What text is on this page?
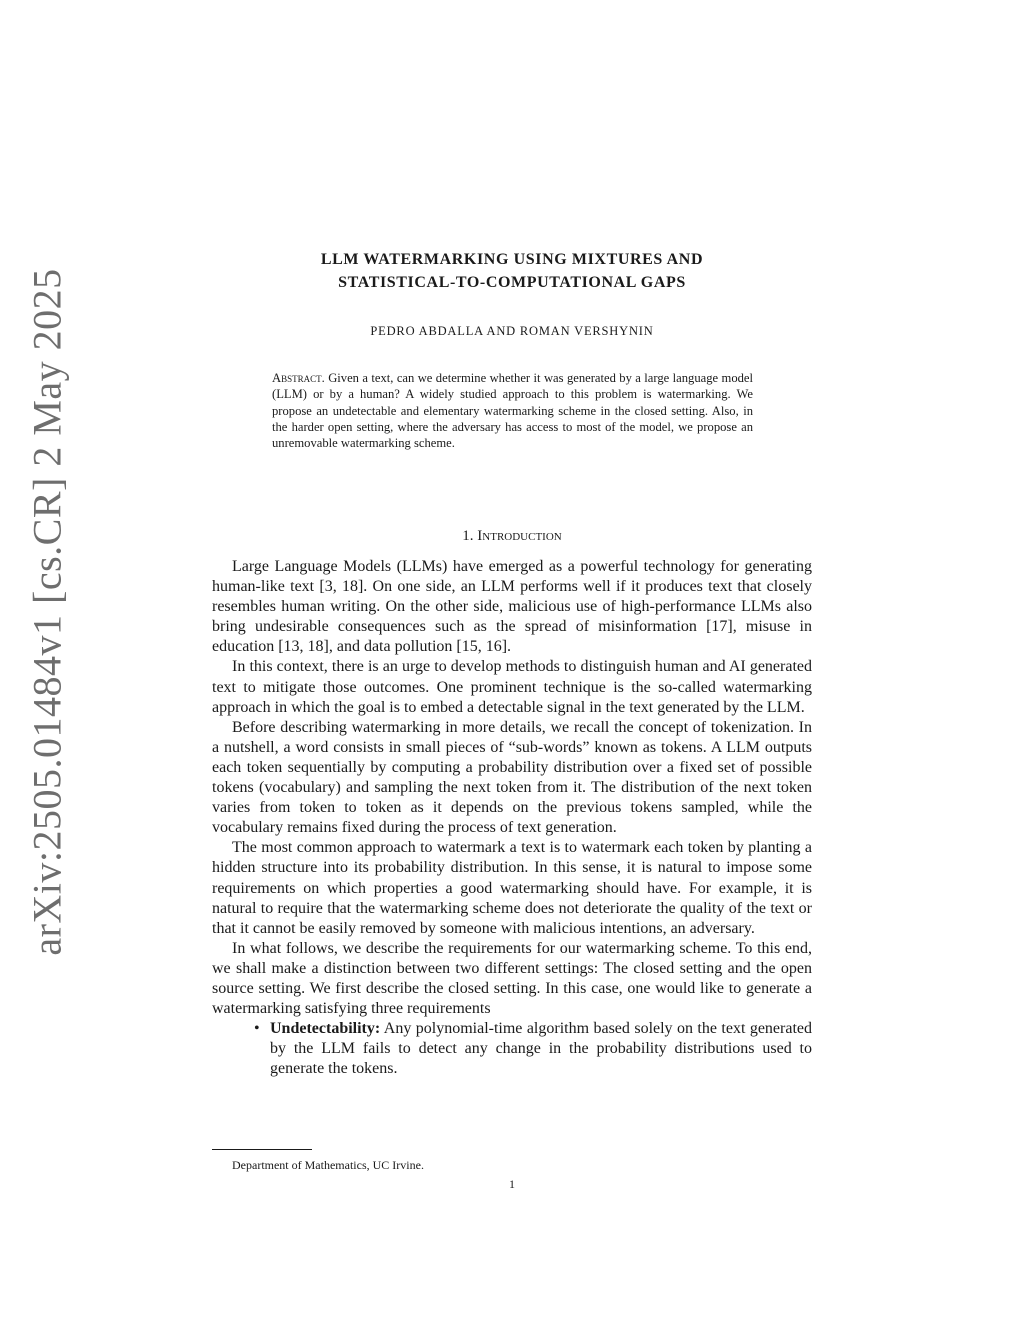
arXiv:2505.01484v1 [cs.CR] 2 May 2025
LLM WATERMARKING USING MIXTURES AND
STATISTICAL-TO-COMPUTATIONAL GAPS
PEDRO ABDALLA AND ROMAN VERSHYNIN
Abstract. Given a text, can we determine whether it was generated by a large language model (LLM) or by a human? A widely studied approach to this problem is watermarking. We propose an undetectable and elementary watermarking scheme in the closed setting. Also, in the harder open setting, where the adversary has access to most of the model, we propose an unremovable watermarking scheme.
1. Introduction

Large Language Models (LLMs) have emerged as a powerful technology for generating human-like text [3, 18]. On one side, an LLM performs well if it produces text that closely resembles human writing. On the other side, malicious use of high-performance LLMs also bring undesirable consequences such as the spread of misinformation [17], misuse in education [13, 18], and data pollution [15, 16].

In this context, there is an urge to develop methods to distinguish human and AI generated text to mitigate those outcomes. One prominent technique is the so-called watermarking approach in which the goal is to embed a detectable signal in the text generated by the LLM.

Before describing watermarking in more details, we recall the concept of tokenization. In a nutshell, a word consists in small pieces of “sub-words” known as tokens. A LLM outputs each token sequentially by computing a probability distribution over a fixed set of possible tokens (vocabulary) and sampling the next token from it. The distribution of the next token varies from token to token as it depends on the previous tokens sampled, while the vocabulary remains fixed during the process of text generation.

The most common approach to watermark a text is to watermark each token by planting a hidden structure into its probability distribution. In this sense, it is natural to impose some requirements on which properties a good watermarking should have. For example, it is natural to require that the watermarking scheme does not deteriorate the quality of the text or that it cannot be easily removed by someone with malicious intentions, an adversary.

In what follows, we describe the requirements for our watermarking scheme. To this end, we shall make a distinction between two different settings: The closed setting and the open source setting. We first describe the closed setting. In this case, one would like to generate a watermarking satisfying three requirements

• Undetectability: Any polynomial-time algorithm based solely on the text generated by the LLM fails to detect any change in the probability distributions used to generate the tokens.
Department of Mathematics, UC Irvine.
1
